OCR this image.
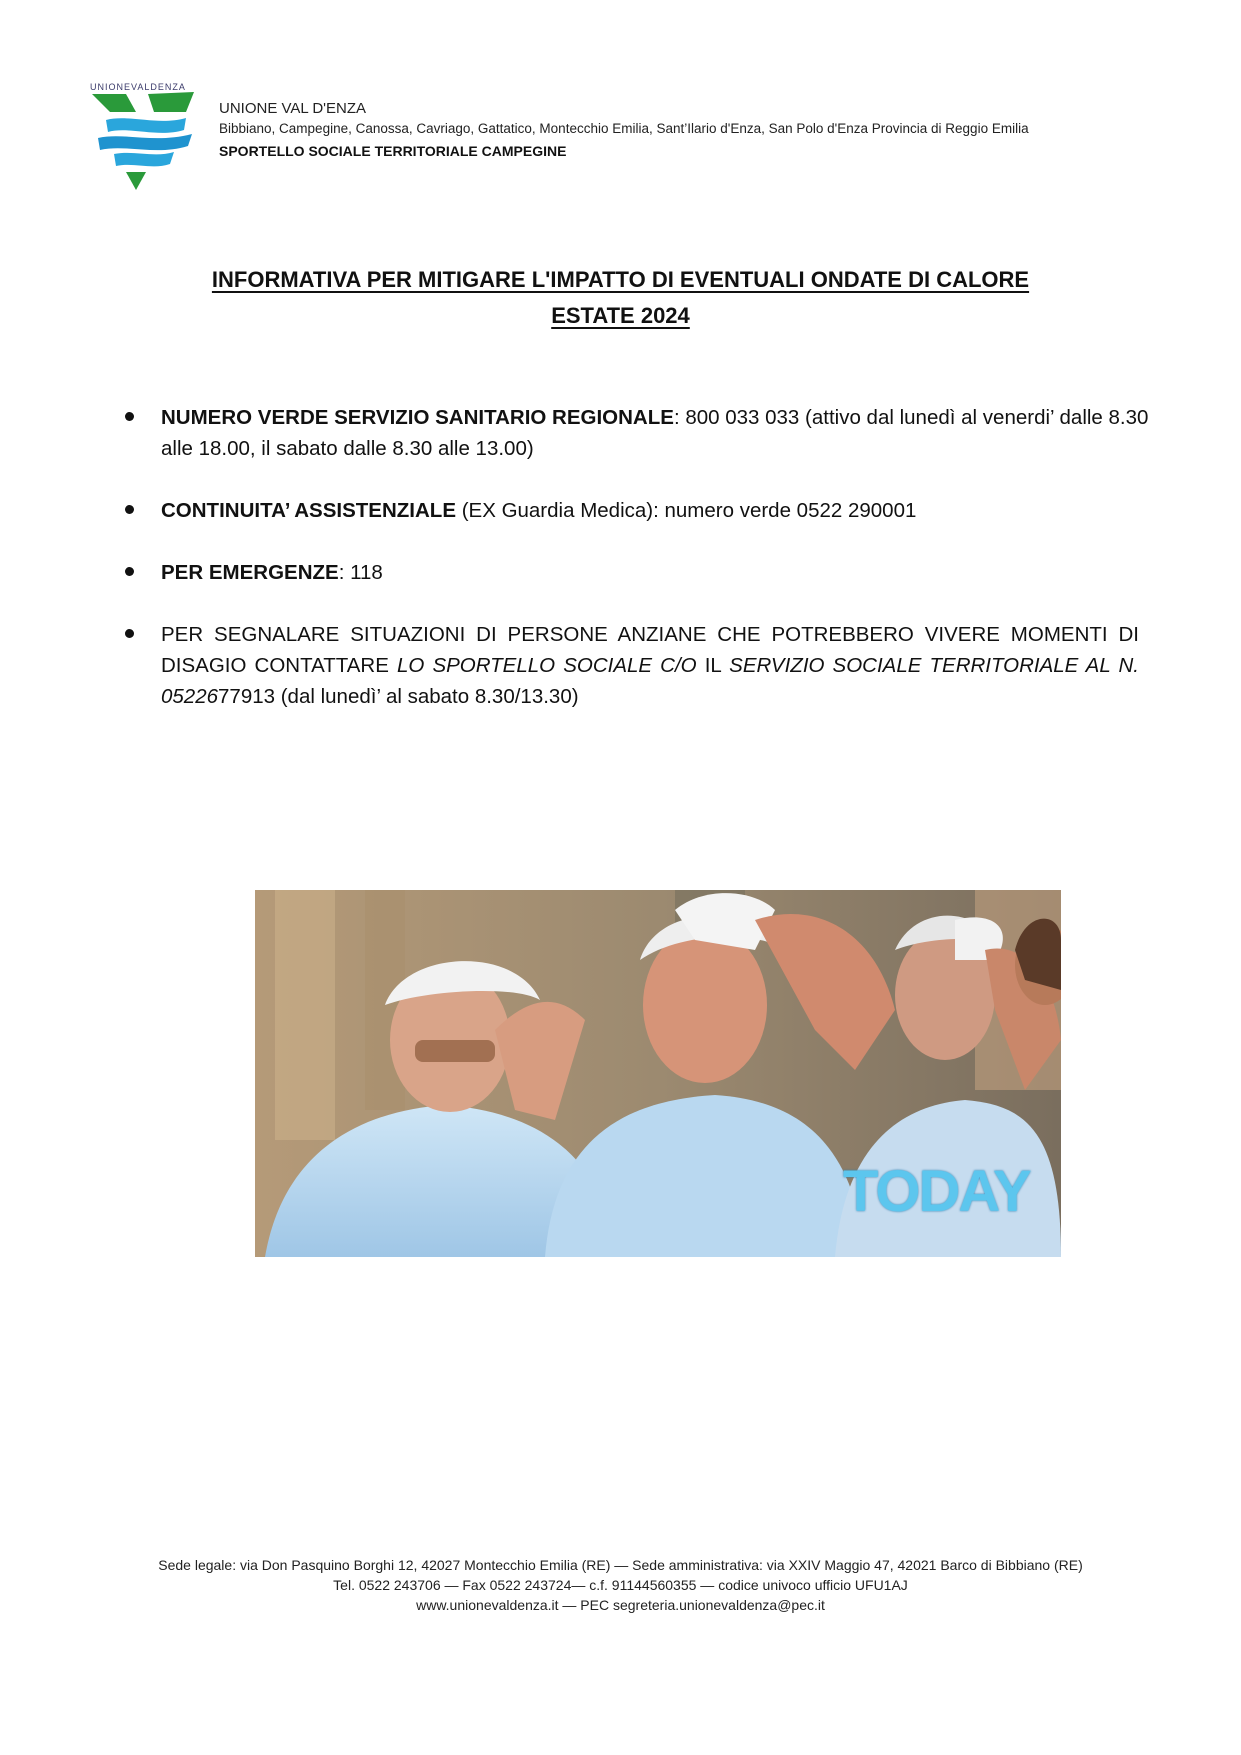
UNIONEVALDENZA
UNIONE VAL D'ENZA
Bibbiano, Campegine, Canossa, Cavriago, Gattatico, Montecchio Emilia, Sant’Ilario d'Enza, San Polo d'Enza Provincia di Reggio Emilia
SPORTELLO SOCIALE TERRITORIALE CAMPEGINE
INFORMATIVA PER MITIGARE L'IMPATTO DI EVENTUALI ONDATE DI CALORE
ESTATE 2024
NUMERO VERDE SERVIZIO SANITARIO REGIONALE: 800 033 033 (attivo dal lunedì al venerdi’ dalle 8.30 alle 18.00, il sabato dalle 8.30 alle 13.00)
CONTINUITA’ ASSISTENZIALE (EX Guardia Medica): numero verde 0522 290001
PER EMERGENZE: 118
PER SEGNALARE SITUAZIONI DI PERSONE ANZIANE CHE POTREBBERO VIVERE MOMENTI DI DISAGIO CONTATTARE LO SPORTELLO SOCIALE C/O IL SERVIZIO SOCIALE TERRITORIALE AL N. 0522677913 (dal lunedì’ al sabato 8.30/13.30)
TODAY
Sede legale: via Don Pasquino Borghi 12, 42027 Montecchio Emilia (RE) — Sede amministrativa: via XXIV Maggio 47, 42021 Barco di Bibbiano (RE)
Tel. 0522 243706 — Fax 0522 243724— c.f. 91144560355 — codice univoco ufficio UFU1AJ
www.unionevaldenza.it — PEC segreteria.unionevaldenza@pec.it
